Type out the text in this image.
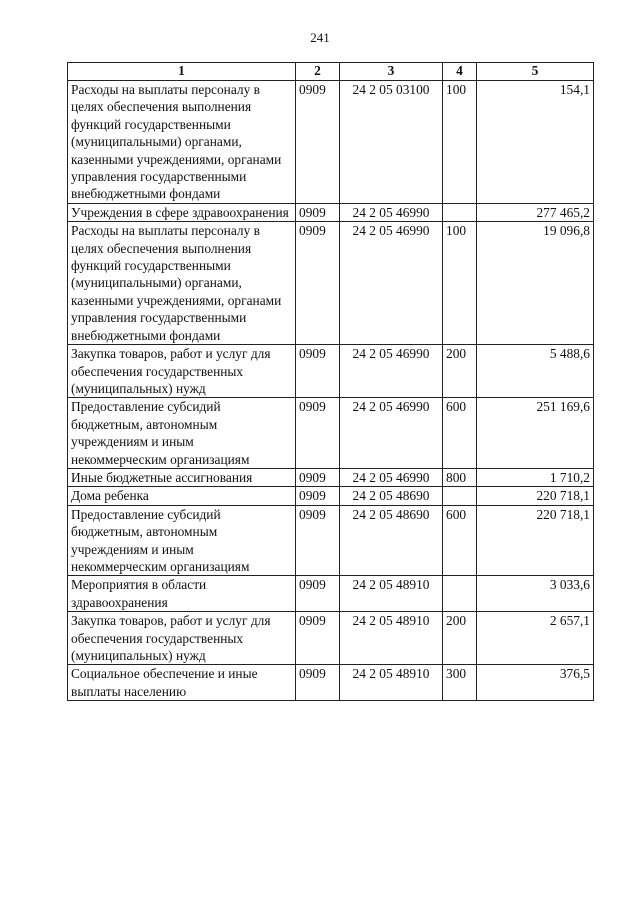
241
1	2	3	4	5
Расходы на выплаты персоналу в целях обеспечения выполнения функций государственными (муниципальными) органами, казенными учреждениями, органами управления государственными внебюджетными фондами	0909	24 2 05 03100	100	154,1
Учреждения в сфере здравоохранения	0909	24 2 05 46990		277 465,2
Расходы на выплаты персоналу в целях обеспечения выполнения функций государственными (муниципальными) органами, казенными учреждениями, органами управления государственными внебюджетными фондами	0909	24 2 05 46990	100	19 096,8
Закупка товаров, работ и услуг для обеспечения государственных (муниципальных) нужд	0909	24 2 05 46990	200	5 488,6
Предоставление субсидий бюджетным, автономным учреждениям и иным некоммерческим организациям	0909	24 2 05 46990	600	251 169,6
Иные бюджетные ассигнования	0909	24 2 05 46990	800	1 710,2
Дома ребенка	0909	24 2 05 48690		220 718,1
Предоставление субсидий бюджетным, автономным учреждениям и иным некоммерческим организациям	0909	24 2 05 48690	600	220 718,1
Мероприятия в области здравоохранения	0909	24 2 05 48910		3 033,6
Закупка товаров, работ и услуг для обеспечения государственных (муниципальных) нужд	0909	24 2 05 48910	200	2 657,1
Социальное обеспечение и иные выплаты населению	0909	24 2 05 48910	300	376,5
